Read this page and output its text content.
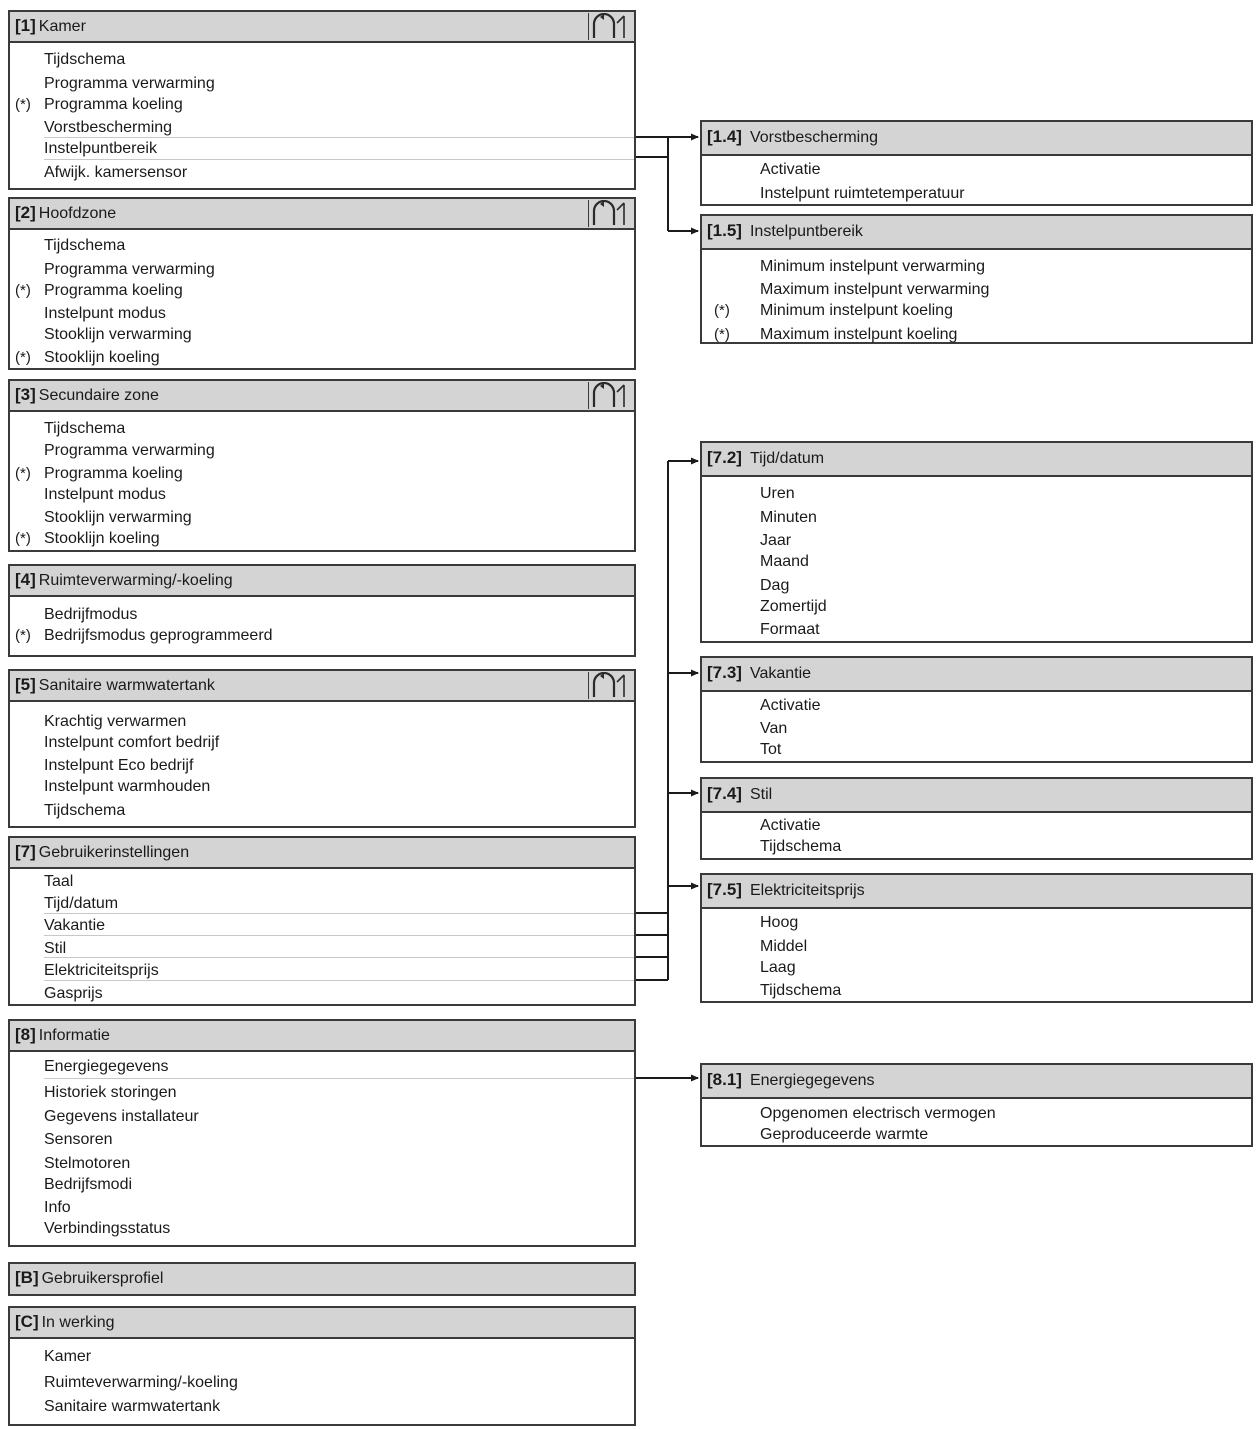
[1] Kamer
Tijdschema
Programma verwarming
Programma koeling
(*)
Vorstbescherming
Instelpuntbereik
Afwijk. kamersensor
[2] Hoofdzone
Tijdschema
Programma verwarming
Programma koeling
(*)
Instelpunt modus
Stooklijn verwarming
Stooklijn koeling
(*)
[3] Secundaire zone
Tijdschema
Programma verwarming
Programma koeling
(*)
Instelpunt modus
Stooklijn verwarming
Stooklijn koeling
(*)
[4] Ruimteverwarming/-koeling
Bedrijfmodus
Bedrijfsmodus geprogrammeerd
(*)
[5] Sanitaire warmwatertank
Krachtig verwarmen
Instelpunt comfort bedrijf
Instelpunt Eco bedrijf
Instelpunt warmhouden
Tijdschema
[7] Gebruikerinstellingen
Taal
Tijd/datum
Vakantie
Stil
Elektriciteitsprijs
Gasprijs
[8] Informatie
Energiegegevens
Historiek storingen
Gegevens installateur
Sensoren
Stelmotoren
Bedrijfsmodi
Info
Verbindingsstatus
[B] Gebruikersprofiel
[C] In werking
Kamer
Ruimteverwarming/-koeling
Sanitaire warmwatertank
[1.4] Vorstbescherming
Activatie
Instelpunt ruimtetemperatuur
[1.5] Instelpuntbereik
Minimum instelpunt verwarming
Maximum instelpunt verwarming
Minimum instelpunt koeling
(*)
Maximum instelpunt koeling
(*)
[7.2] Tijd/datum
Uren
Minuten
Jaar
Maand
Dag
Zomertijd
Formaat
[7.3] Vakantie
Activatie
Van
Tot
[7.4] Stil
Activatie
Tijdschema
[7.5] Elektriciteitsprijs
Hoog
Middel
Laag
Tijdschema
[8.1] Energiegegevens
Opgenomen electrisch vermogen
Geproduceerde warmte
